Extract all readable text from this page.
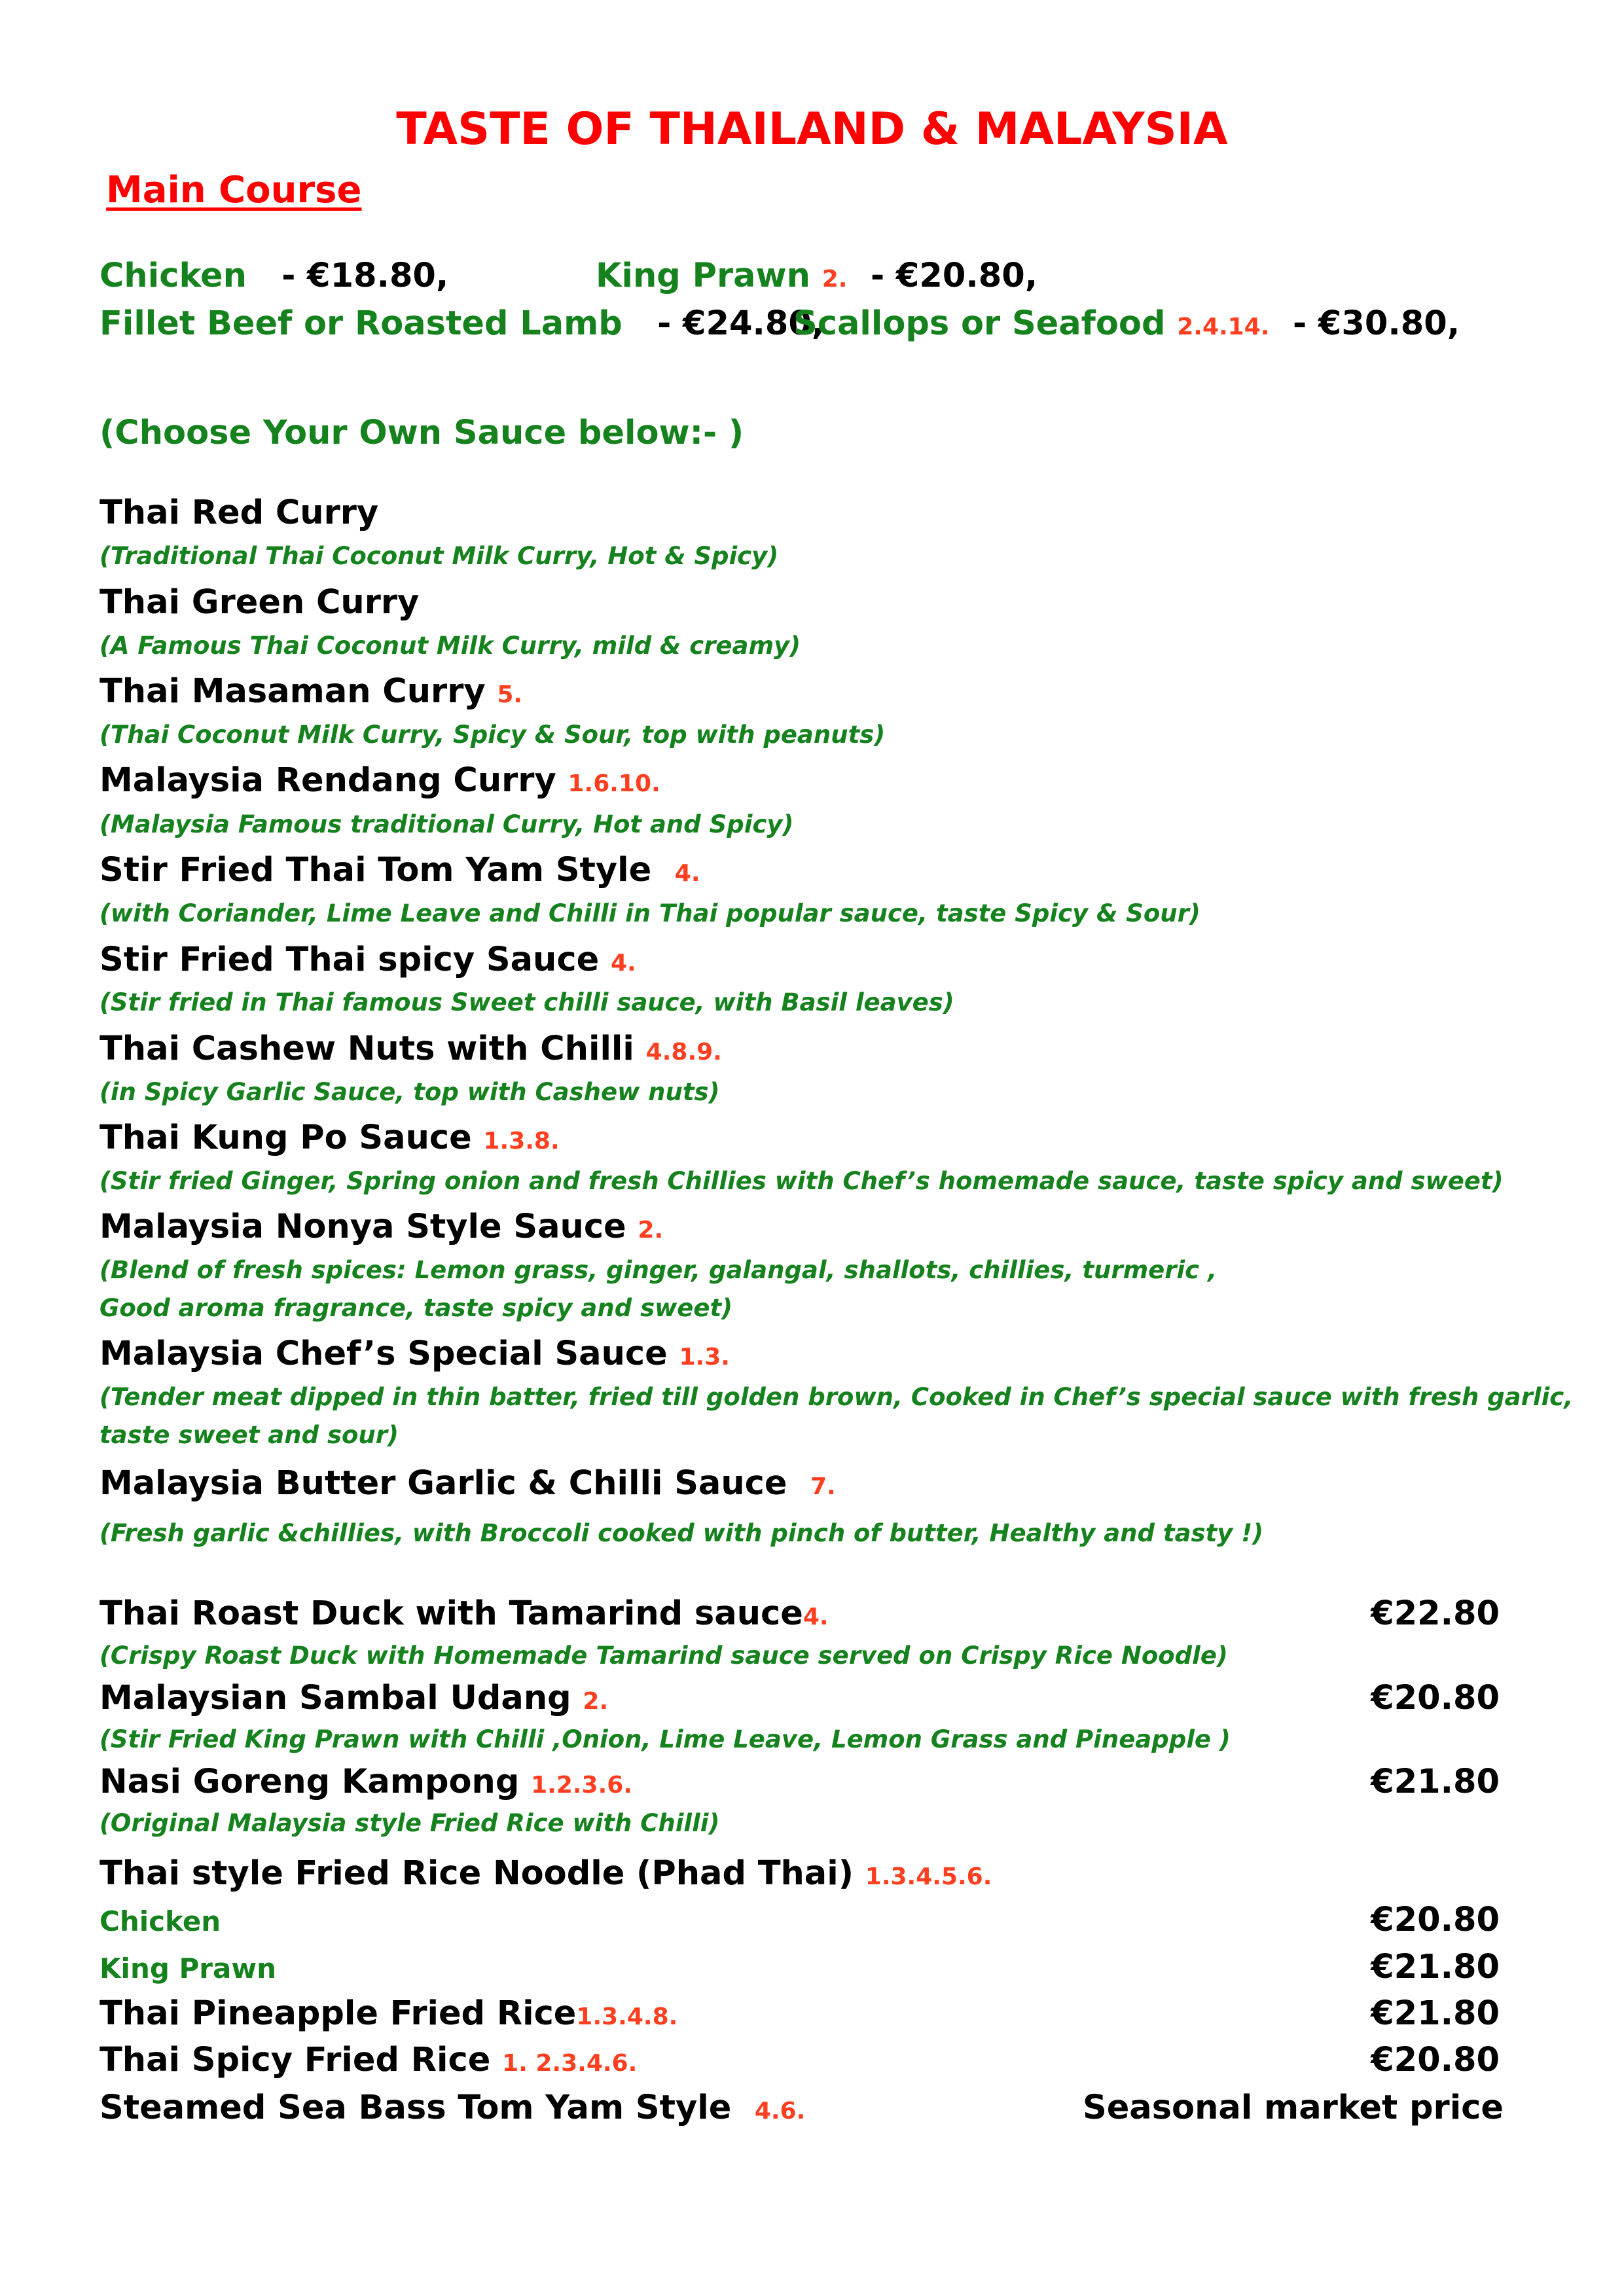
TASTE OF THAILAND & MALAYSIA
Main Course
Chicken - €18.80,	King Prawn 2. - €20.80,
Fillet Beef or Roasted Lamb - €24.80,
Scallops or Seafood 2.4.14. - €30.80,
(Choose Your Own Sauce below:- )
Thai Red Curry
(Traditional Thai Coconut Milk Curry, Hot & Spicy)
Thai Green Curry
(A Famous Thai Coconut Milk Curry, mild & creamy)
Thai Masaman Curry 5.
(Thai Coconut Milk Curry, Spicy & Sour, top with peanuts)
Malaysia Rendang Curry 1.6.10.
(Malaysia Famous traditional Curry, Hot and Spicy)
Stir Fried Thai Tom Yam Style 4.
(with Coriander, Lime Leave and Chilli in Thai popular sauce, taste Spicy & Sour)
Stir Fried Thai spicy Sauce 4.
(Stir fried in Thai famous Sweet chilli sauce, with Basil leaves)
Thai Cashew Nuts with Chilli 4.8.9.
(in Spicy Garlic Sauce, top with Cashew nuts)
Thai Kung Po Sauce 1.3.8.
(Stir fried Ginger, Spring onion and fresh Chillies with Chef’s homemade sauce, taste spicy and sweet)
Malaysia Nonya Style Sauce 2.
(Blend of fresh spices: Lemon grass, ginger, galangal, shallots, chillies, turmeric ,
Good aroma fragrance, taste spicy and sweet)
Malaysia Chef’s Special Sauce 1.3.
(Tender meat dipped in thin batter, fried till golden brown, Cooked in Chef’s special sauce with fresh garlic,
taste sweet and sour)
Malaysia Butter Garlic & Chilli Sauce 7.
(Fresh garlic &chillies, with Broccoli cooked with pinch of butter, Healthy and tasty !)
Thai Roast Duck with Tamarind sauce4.	€22.80
(Crispy Roast Duck with Homemade Tamarind sauce served on Crispy Rice Noodle)
Malaysian Sambal Udang 2.	€20.80
(Stir Fried King Prawn with Chilli ,Onion, Lime Leave, Lemon Grass and Pineapple )
Nasi Goreng Kampong 1.2.3.6.	€21.80
(Original Malaysia style Fried Rice with Chilli)
Thai style Fried Rice Noodle (Phad Thai) 1.3.4.5.6.
Chicken	€20.80
King Prawn	€21.80
Thai Pineapple Fried Rice1.3.4.8.	€21.80
Thai Spicy Fried Rice 1. 2.3.4.6.	€20.80
Steamed Sea Bass Tom Yam Style 4.6.	Seasonal market price
